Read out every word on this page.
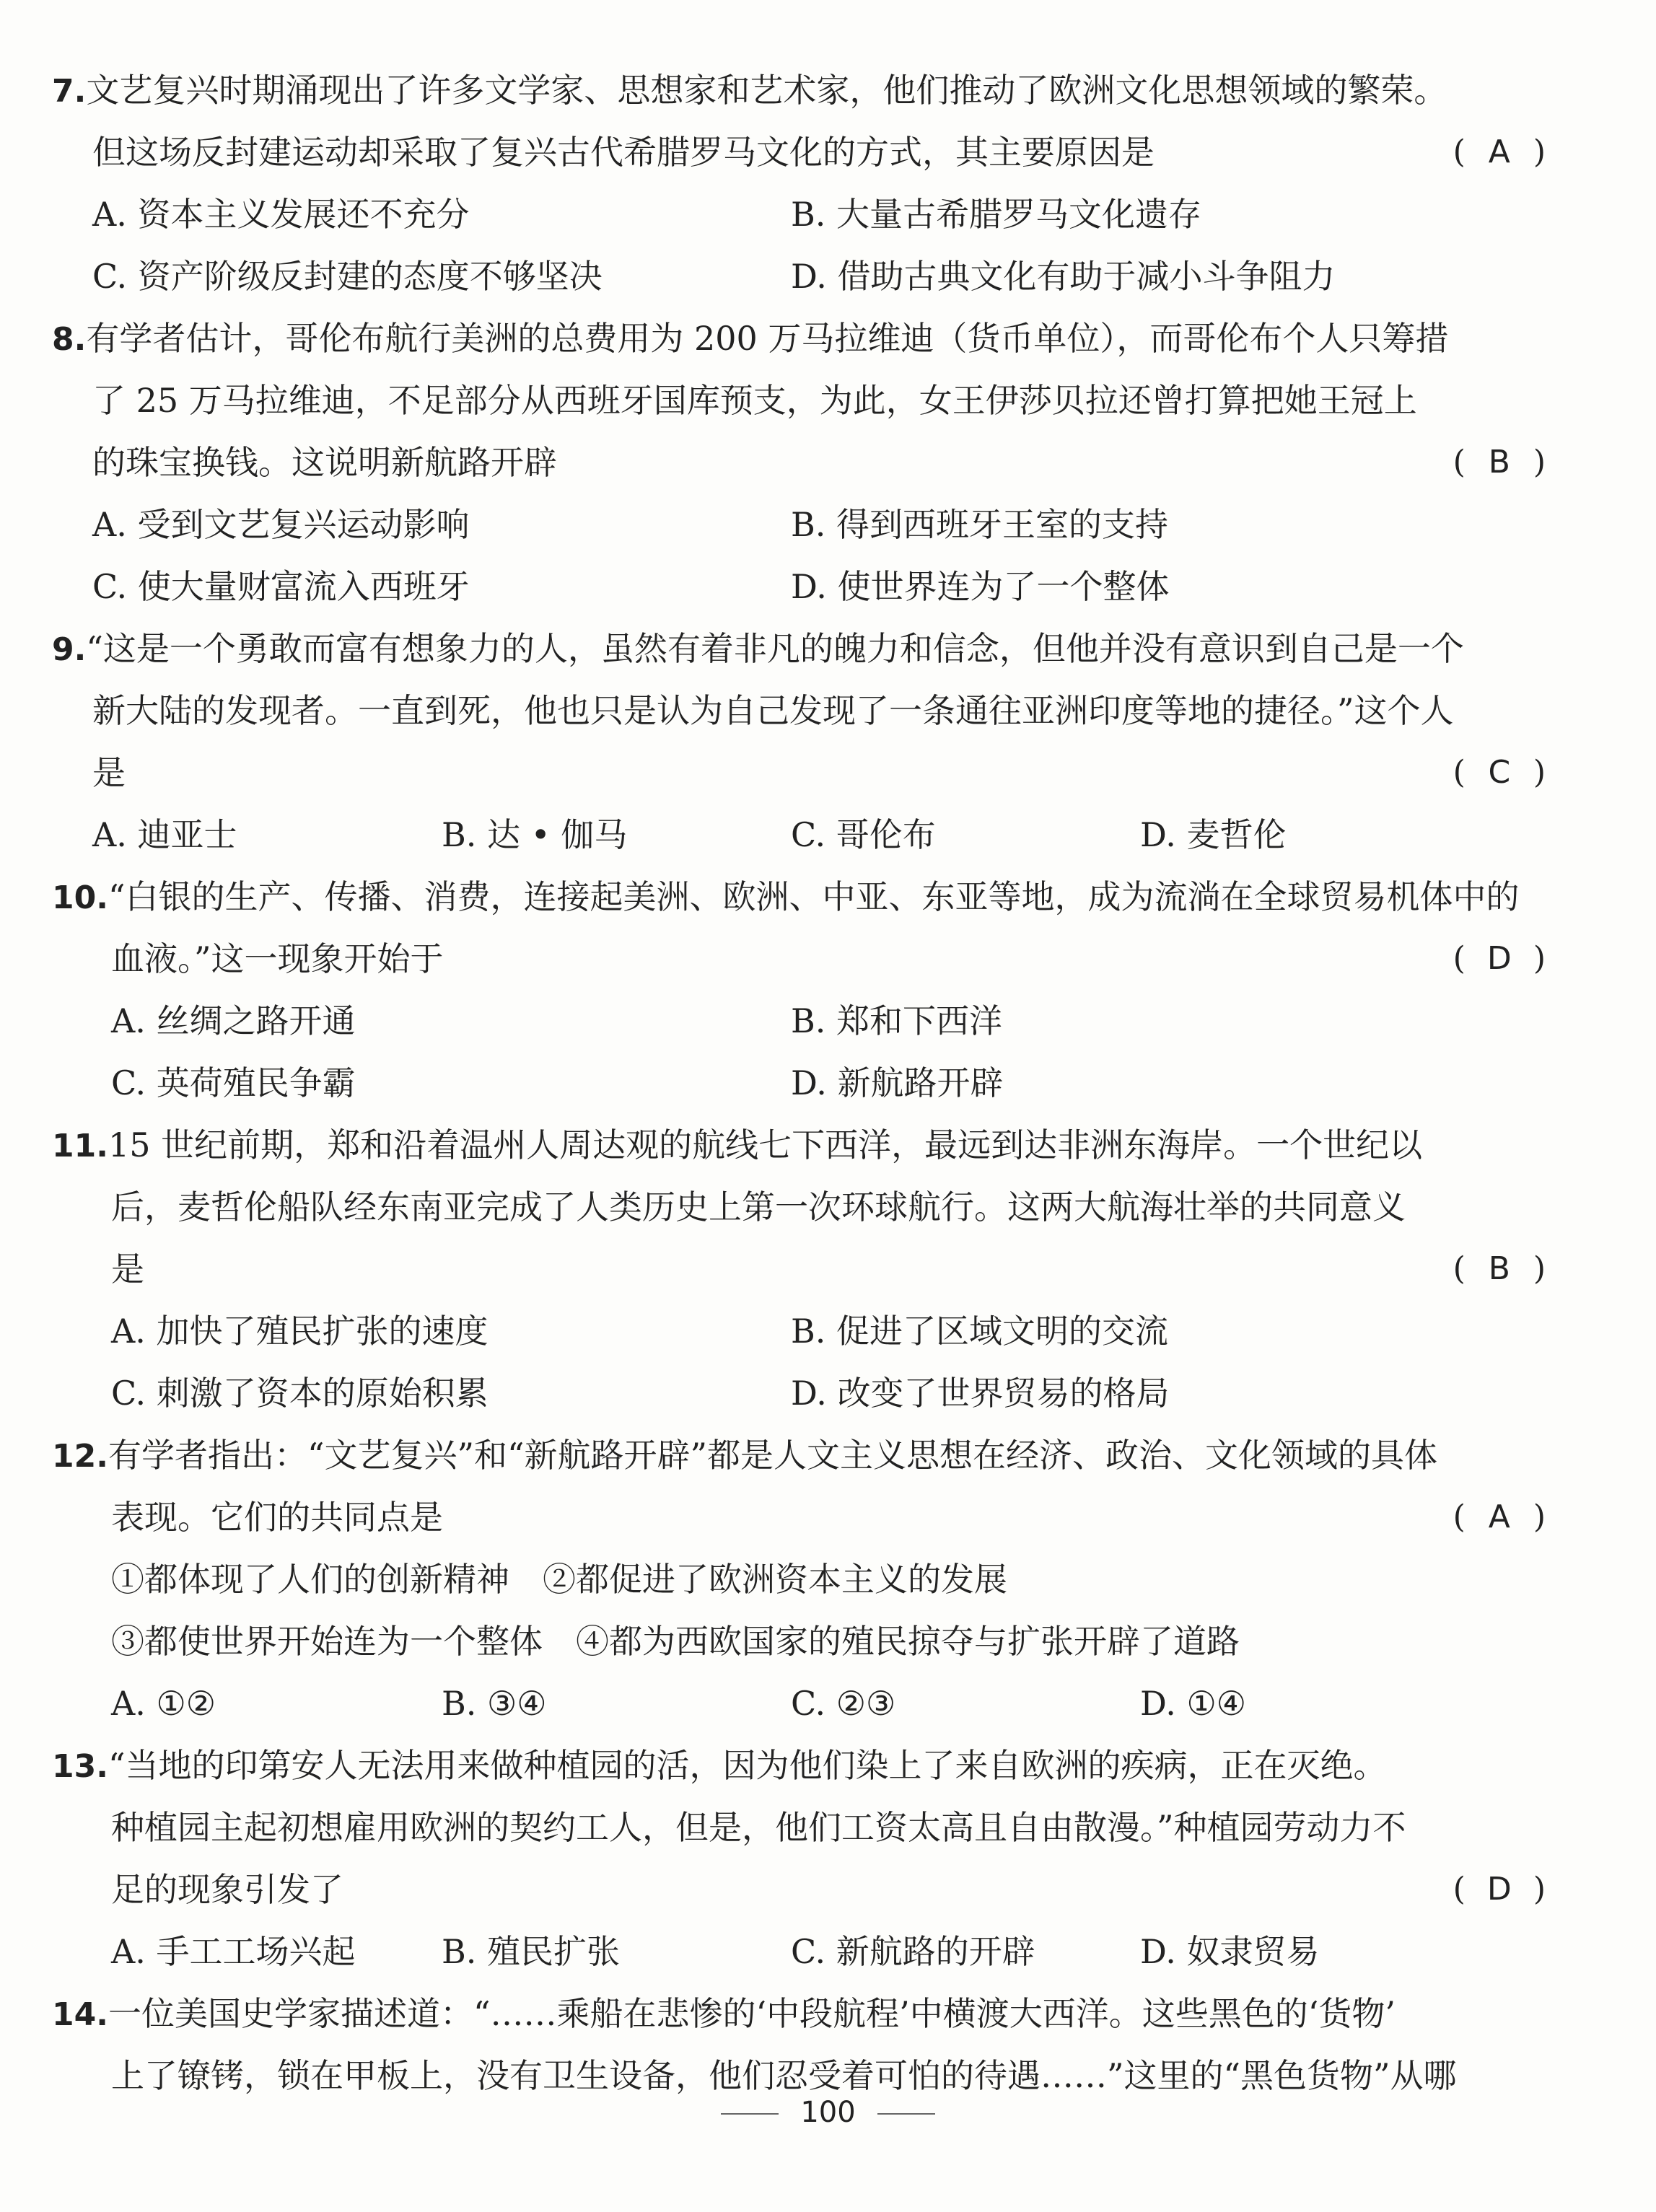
7.文艺复兴时期涌现出了许多文学家、思想家和艺术家，他们推动了欧洲文化思想领域的繁荣。
但这场反封建运动却采取了复兴古代希腊罗马文化的方式，其主要原因是	( A )
A. 资本主义发展还不充分	B. 大量古希腊罗马文化遗存
C. 资产阶级反封建的态度不够坚决	D. 借助古典文化有助于减小斗争阻力
8.有学者估计，哥伦布航行美洲的总费用为 200 万马拉维迪（货币单位），而哥伦布个人只筹措
了 25 万马拉维迪，不足部分从西班牙国库预支，为此，女王伊莎贝拉还曾打算把她王冠上
的珠宝换钱。这说明新航路开辟	( B )
A. 受到文艺复兴运动影响	B. 得到西班牙王室的支持
C. 使大量财富流入西班牙	D. 使世界连为了一个整体
9.“这是一个勇敢而富有想象力的人，虽然有着非凡的魄力和信念，但他并没有意识到自己是一个
新大陆的发现者。一直到死，他也只是认为自己发现了一条通往亚洲印度等地的捷径。”这个人
是	( C )
A. 迪亚士	B. 达 • 伽马	C. 哥伦布	D. 麦哲伦
10.“白银的生产、传播、消费，连接起美洲、欧洲、中亚、东亚等地，成为流淌在全球贸易机体中的
血液。”这一现象开始于	( D )
A. 丝绸之路开通	B. 郑和下西洋
C. 英荷殖民争霸	D. 新航路开辟
11.15 世纪前期，郑和沿着温州人周达观的航线七下西洋，最远到达非洲东海岸。一个世纪以
后，麦哲伦船队经东南亚完成了人类历史上第一次环球航行。这两大航海壮举的共同意义
是	( B )
A. 加快了殖民扩张的速度	B. 促进了区域文明的交流
C. 刺激了资本的原始积累	D. 改变了世界贸易的格局
12.有学者指出：“文艺复兴”和“新航路开辟”都是人文主义思想在经济、政治、文化领域的具体
表现。它们的共同点是	( A )
①都体现了人们的创新精神　②都促进了欧洲资本主义的发展
③都使世界开始连为一个整体　④都为西欧国家的殖民掠夺与扩张开辟了道路
A. ①②	B. ③④	C. ②③	D. ①④
13.“当地的印第安人无法用来做种植园的活，因为他们染上了来自欧洲的疾病，正在灭绝。
种植园主起初想雇用欧洲的契约工人，但是，他们工资太高且自由散漫。”种植园劳动力不
足的现象引发了	( D )
A. 手工工场兴起	B. 殖民扩张	C. 新航路的开辟	D. 奴隶贸易
14.一位美国史学家描述道：“……乘船在悲惨的‘中段航程’中横渡大西洋。这些黑色的‘货物’
上了镣铐，锁在甲板上，没有卫生设备，他们忍受着可怕的待遇……”这里的“黑色货物”从哪
100
